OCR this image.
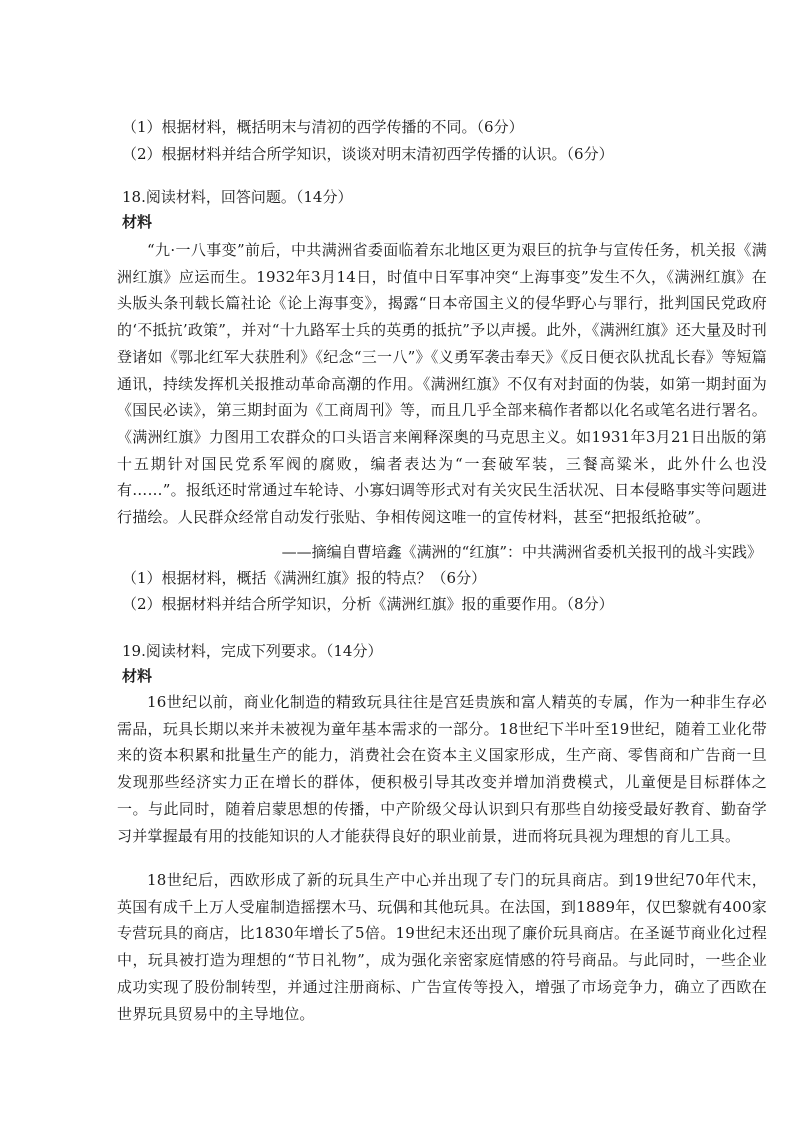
（1）根据材料，概括明末与清初的西学传播的不同。（6分）
（2）根据材料并结合所学知识，谈谈对明末清初西学传播的认识。（6分）
18.阅读材料，回答问题。（14分）
材料
“九·一八事变”前后，中共满洲省委面临着东北地区更为艰巨的抗争与宣传任务，机关报《满洲红旗》应运而生。1932年3月14日，时值中日军事冲突“上海事变”发生不久，《满洲红旗》在头版头条刊载长篇社论《论上海事变》，揭露“日本帝国主义的侵华野心与罪行，批判国民党政府的‘不抵抗’政策”，并对“十九路军士兵的英勇的抵抗”予以声援。此外，《满洲红旗》还大量及时刊登诸如《鄂北红军大获胜利》《纪念“三一八”》《义勇军袭击奉天》《反日便衣队扰乱长春》等短篇通讯，持续发挥机关报推动革命高潮的作用。《满洲红旗》不仅有对封面的伪装，如第一期封面为《国民必读》，第三期封面为《工商周刊》等，而且几乎全部来稿作者都以化名或笔名进行署名。《满洲红旗》力图用工农群众的口头语言来阐释深奥的马克思主义。如1931年3月21日出版的第十五期针对国民党系军阀的腐败，编者表达为“一套破军装，三餐高粱米，此外什么也没有……”。报纸还时常通过车轮诗、小寡妇调等形式对有关灾民生活状况、日本侵略事实等问题进行描绘。人民群众经常自动发行张贴、争相传阅这唯一的宣传材料，甚至“把报纸抢破”。
——摘编自曹培鑫《满洲的“红旗”：中共满洲省委机关报刊的战斗实践》
（1）根据材料，概括《满洲红旗》报的特点？（6分）
（2）根据材料并结合所学知识，分析《满洲红旗》报的重要作用。（8分）
19.阅读材料，完成下列要求。（14分）
材料
16世纪以前，商业化制造的精致玩具往往是宫廷贵族和富人精英的专属，作为一种非生存必需品，玩具长期以来并未被视为童年基本需求的一部分。18世纪下半叶至19世纪，随着工业化带来的资本积累和批量生产的能力，消费社会在资本主义国家形成，生产商、零售商和广告商一旦发现那些经济实力正在增长的群体，便积极引导其改变并增加消费模式，儿童便是目标群体之一。与此同时，随着启蒙思想的传播，中产阶级父母认识到只有那些自幼接受最好教育、勤奋学习并掌握最有用的技能知识的人才能获得良好的职业前景，进而将玩具视为理想的育儿工具。
18世纪后，西欧形成了新的玩具生产中心并出现了专门的玩具商店。到19世纪70年代末，英国有成千上万人受雇制造摇摆木马、玩偶和其他玩具。在法国，到1889年，仅巴黎就有400家专营玩具的商店，比1830年增长了5倍。19世纪末还出现了廉价玩具商店。在圣诞节商业化过程中，玩具被打造为理想的“节日礼物”，成为强化亲密家庭情感的符号商品。与此同时，一些企业成功实现了股份制转型，并通过注册商标、广告宣传等投入，增强了市场竞争力，确立了西欧在世界玩具贸易中的主导地位。
